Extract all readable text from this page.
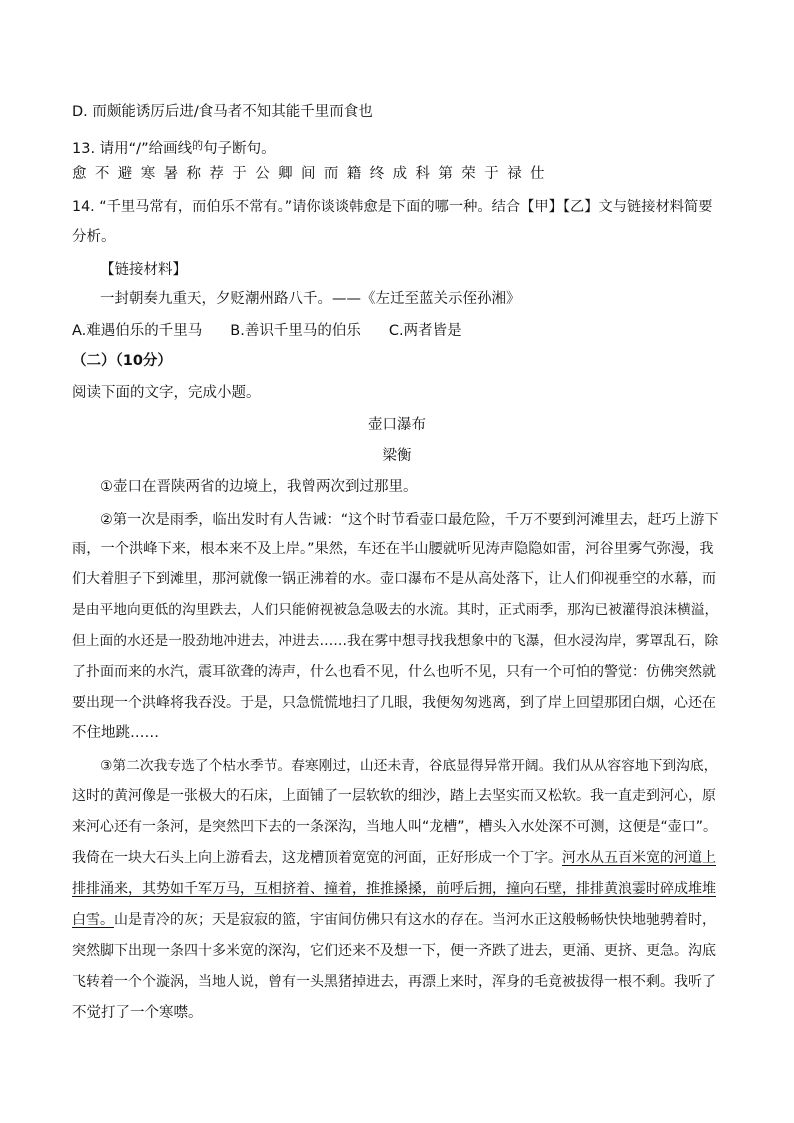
D. 而颇能诱厉后进/食马者不知其能千里而食也
13. 请用“/”给画线$^的$句子断句。
愈不避寒暑称荐于公卿间而籍终成科第荣于禄仕
14. “千里马常有，而伯乐不常有。”请你谈谈韩愈是下面的哪一种。结合【甲】【乙】文与链接材料简要
分析。
【链接材料】
一封朝奏九重天，夕贬潮州路八千。——《左迁至蓝关示侄孙湘》
A.难遇伯乐的千里马 B.善识千里马的伯乐 C.两者皆是
（二）（10分）
阅读下面的文字，完成小题。
壶口瀑布
梁衡
①壶口在晋陕两省的边境上，我曾两次到过那里。
②第一次是雨季，临出发时有人告诫：“这个时节看壶口最危险，千万不要到河滩里去，赶巧上游下
雨，一个洪峰下来，根本来不及上岸。”果然，车还在半山腰就听见涛声隐隐如雷，河谷里雾气弥漫，我
们大着胆子下到滩里，那河就像一锅正沸着的水。壶口瀑布不是从高处落下，让人们仰视垂空的水幕，而
是由平地向更低的沟里跌去，人们只能俯视被急急吸去的水流。其时，正式雨季，那沟已被灌得浪沫横溢，
但上面的水还是一股劲地冲进去，冲进去……我在雾中想寻找我想象中的飞瀑，但水浸沟岸，雾罩乱石，除
了扑面而来的水汽，震耳欲聋的涛声，什么也看不见，什么也听不见，只有一个可怕的警觉：仿佛突然就
要出现一个洪峰将我吞没。于是，只急慌慌地扫了几眼，我便匆匆逃离，到了岸上回望那团白烟，心还在
不住地跳……
③第二次我专选了个枯水季节。春寒刚过，山还未青，谷底显得异常开阔。我们从从容容地下到沟底，
这时的黄河像是一张极大的石床，上面铺了一层软软的细沙，踏上去坚实而又松软。我一直走到河心，原
来河心还有一条河，是突然凹下去的一条深沟，当地人叫“龙槽”，槽头入水处深不可测，这便是“壶口”。
我倚在一块大石头上向上游看去，这龙槽顶着宽宽的河面，正好形成一个丁字。河水从五百米宽的河道上
排排涌来，其势如千军万马，互相挤着、撞着，推推搡搡，前呼后拥，撞向石壁，排排黄浪霎时碎成堆堆
白雪。山是青冷的灰；天是寂寂的篮，宇宙间仿佛只有这水的存在。当河水正这般畅畅快快地驰骋着时，
突然脚下出现一条四十多米宽的深沟，它们还来不及想一下，便一齐跌了进去，更涌、更挤、更急。沟底
飞转着一个个漩涡，当地人说，曾有一头黑猪掉进去，再漂上来时，浑身的毛竟被拔得一根不剩。我听了
不觉打了一个寒噤。
